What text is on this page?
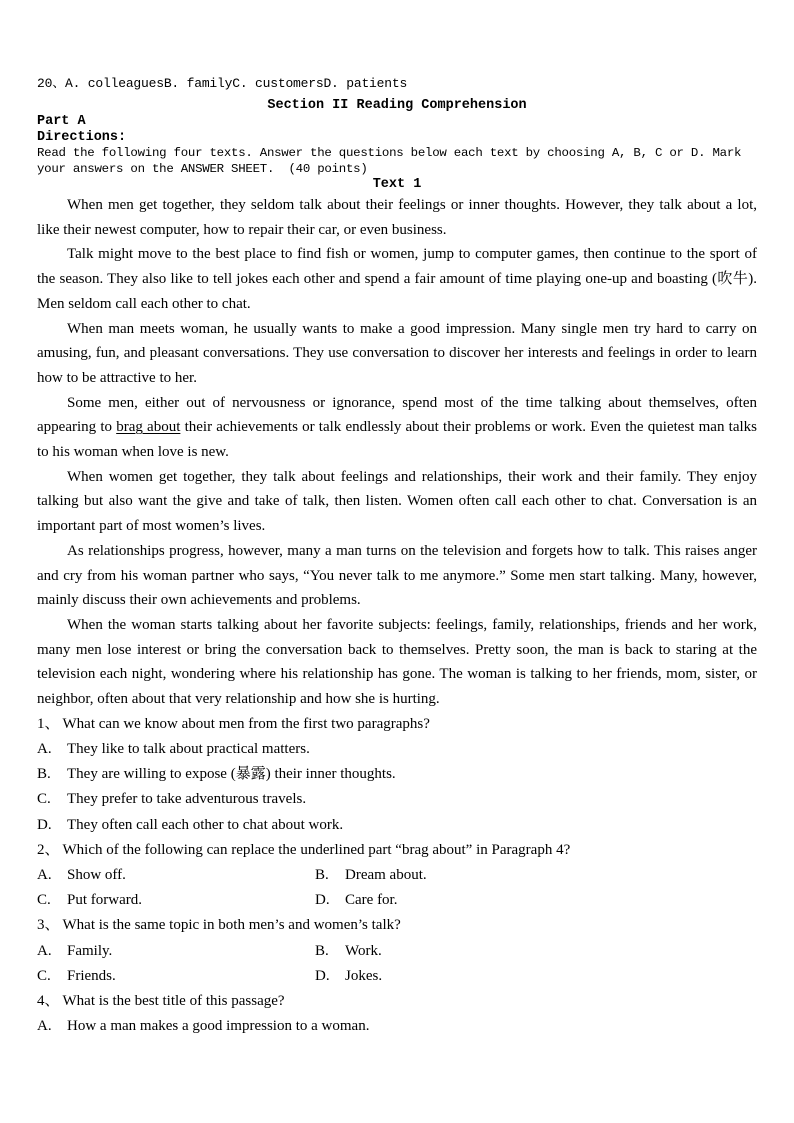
20、A. colleaguesB. familyC. customersD. patients
Section II Reading Comprehension
Part A
Directions:
Read the following four texts. Answer the questions below each text by choosing A, B, C or D. Mark your answers on the ANSWER SHEET.  (40 points)
Text 1

When men get together, they seldom talk about their feelings or inner thoughts. However, they talk about a lot, like their newest computer, how to repair their car, or even business.

Talk might move to the best place to find fish or women, jump to computer games, then continue to the sport of the season. They also like to tell jokes each other and spend a fair amount of time playing one-up and boasting (吹牛). Men seldom call each other to chat.

When man meets woman, he usually wants to make a good impression. Many single men try hard to carry on amusing, fun, and pleasant conversations. They use conversation to discover her interests and feelings in order to learn how to be attractive to her.

Some men, either out of nervousness or ignorance, spend most of the time talking about themselves, often appearing to brag about their achievements or talk endlessly about their problems or work. Even the quietest man talks to his woman when love is new.

When women get together, they talk about feelings and relationships, their work and their family. They enjoy talking but also want the give and take of talk, then listen. Women often call each other to chat. Conversation is an important part of most women’s lives.

As relationships progress, however, many a man turns on the television and forgets how to talk. This raises anger and cry from his woman partner who says, “You never talk to me anymore.” Some men start talking. Many, however, mainly discuss their own achievements and problems.

When the woman starts talking about her favorite subjects: feelings, family, relationships, friends and her work, many men lose interest or bring the conversation back to themselves. Pretty soon, the man is back to staring at the television each night, wondering where his relationship has gone. The woman is talking to her friends, mom, sister, or neighbor, often about that very relationship and how she is hurting.

1、 What can we know about men from the first two paragraphs?
A. They like to talk about practical matters.
B. They are willing to expose (暴露) their inner thoughts.
C. They prefer to take adventurous travels.
D. They often call each other to chat about work.
2、 Which of the following can replace the underlined part “brag about” in Paragraph 4?
A. Show off.	B. Dream about.
C. Put forward.	D. Care for.
3、 What is the same topic in both men’s and women’s talk?
A. Family.	B. Work.
C. Friends.	D. Jokes.
4、 What is the best title of this passage?
A. How a man makes a good impression to a woman.
